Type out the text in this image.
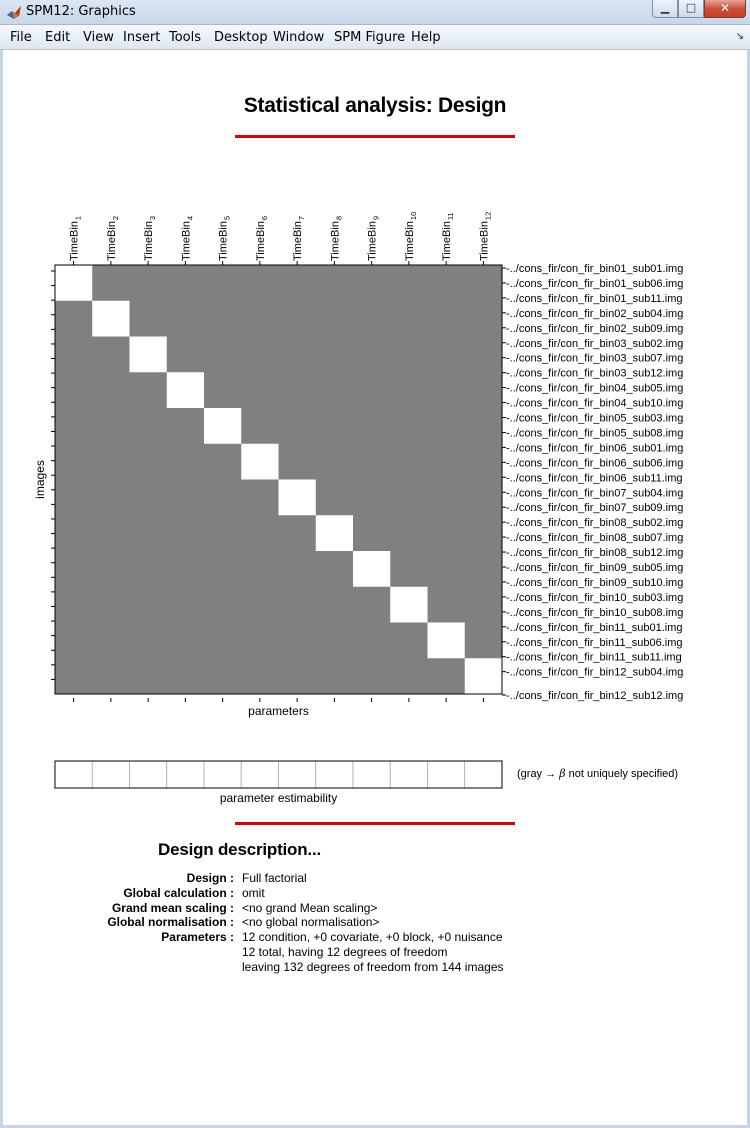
SPM12: Graphics	▁	□	✕
File Edit View Insert Tools Desktop Window SPM Figure Help	↘
Statistical analysis: Design
TimeBin$_1$
TimeBin$_2$
TimeBin$_3$
TimeBin$_4$
TimeBin$_5$
TimeBin$_6$
TimeBin$_7$
TimeBin$_8$
TimeBin$_9$
TimeBin$_{10}$
TimeBin$_{11}$
TimeBin$_{12}$
-../cons_fir/con_fir_bin01_sub01.img
-../cons_fir/con_fir_bin01_sub06.img
-../cons_fir/con_fir_bin01_sub11.img
-../cons_fir/con_fir_bin02_sub04.img
-../cons_fir/con_fir_bin02_sub09.img
-../cons_fir/con_fir_bin03_sub02.img
-../cons_fir/con_fir_bin03_sub07.img
-../cons_fir/con_fir_bin03_sub12.img
-../cons_fir/con_fir_bin04_sub05.img
-../cons_fir/con_fir_bin04_sub10.img
-../cons_fir/con_fir_bin05_sub03.img
-../cons_fir/con_fir_bin05_sub08.img
-../cons_fir/con_fir_bin06_sub01.img
-../cons_fir/con_fir_bin06_sub06.img
-../cons_fir/con_fir_bin06_sub11.img
-../cons_fir/con_fir_bin07_sub04.img
-../cons_fir/con_fir_bin07_sub09.img
-../cons_fir/con_fir_bin08_sub02.img
-../cons_fir/con_fir_bin08_sub07.img
-../cons_fir/con_fir_bin08_sub12.img
-../cons_fir/con_fir_bin09_sub05.img
-../cons_fir/con_fir_bin09_sub10.img
-../cons_fir/con_fir_bin10_sub03.img
-../cons_fir/con_fir_bin10_sub08.img
-../cons_fir/con_fir_bin11_sub01.img
-../cons_fir/con_fir_bin11_sub06.img
-../cons_fir/con_fir_bin11_sub11.img
-../cons_fir/con_fir_bin12_sub04.img
-../cons_fir/con_fir_bin12_sub12.img
parameters
images
parameter estimability
(gray → β not uniquely specified)
Design description...
Design : Full factorial
Global calculation : omit
Grand mean scaling : <no grand Mean scaling>
Global normalisation : <no global normalisation>
Parameters : 12 condition, +0 covariate, +0 block, +0 nuisance
12 total, having 12 degrees of freedom
leaving 132 degrees of freedom from 144 images
